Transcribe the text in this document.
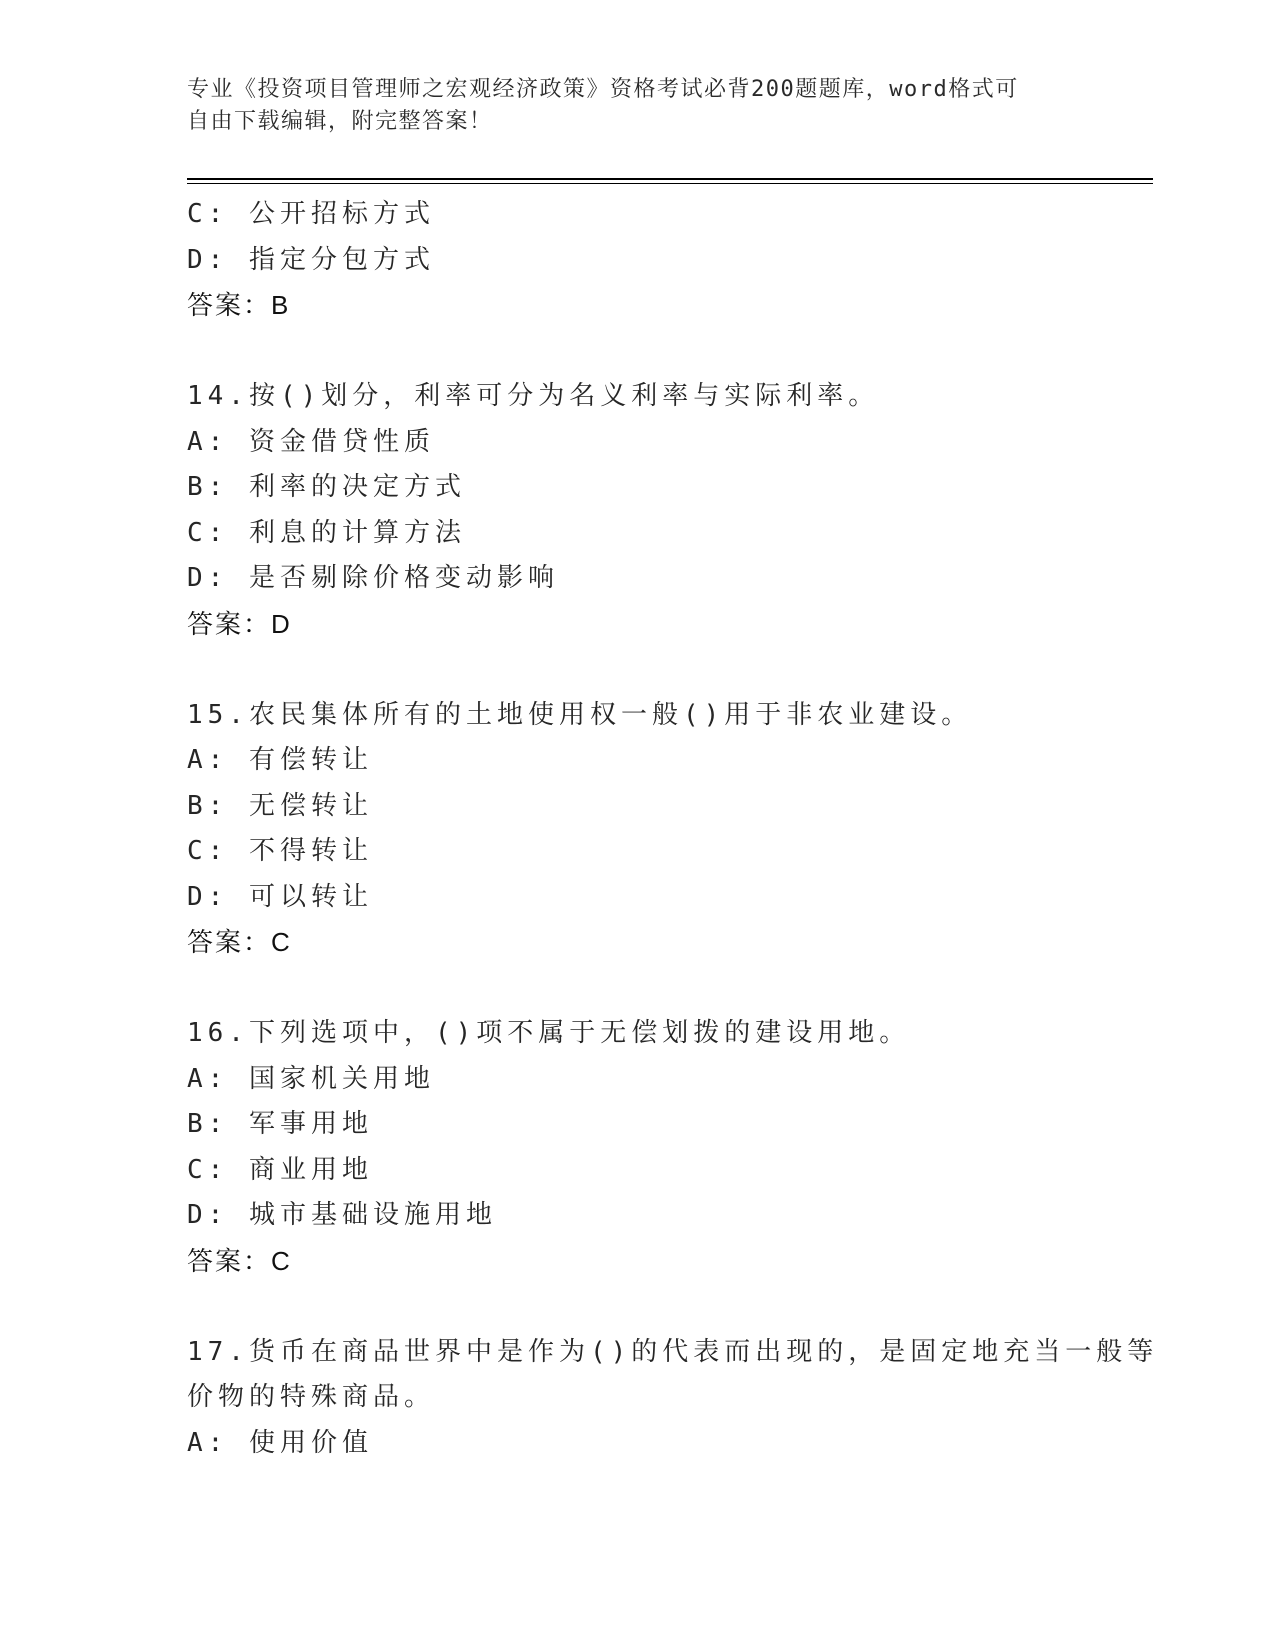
专业《投资项目管理师之宏观经济政策》资格考试必背200题题库，word格式可
自由下载编辑，附完整答案！
C: 公开招标方式
D: 指定分包方式
答案：B
14.按()划分，利率可分为名义利率与实际利率。
A: 资金借贷性质
B: 利率的决定方式
C: 利息的计算方法
D: 是否剔除价格变动影响
答案：D
15.农民集体所有的土地使用权一般()用于非农业建设。
A: 有偿转让
B: 无偿转让
C: 不得转让
D: 可以转让
答案：C
16.下列选项中，()项不属于无偿划拨的建设用地。
A: 国家机关用地
B: 军事用地
C: 商业用地
D: 城市基础设施用地
答案：C
17.货币在商品世界中是作为()的代表而出现的，是固定地充当一般等
价物的特殊商品。
A: 使用价值
